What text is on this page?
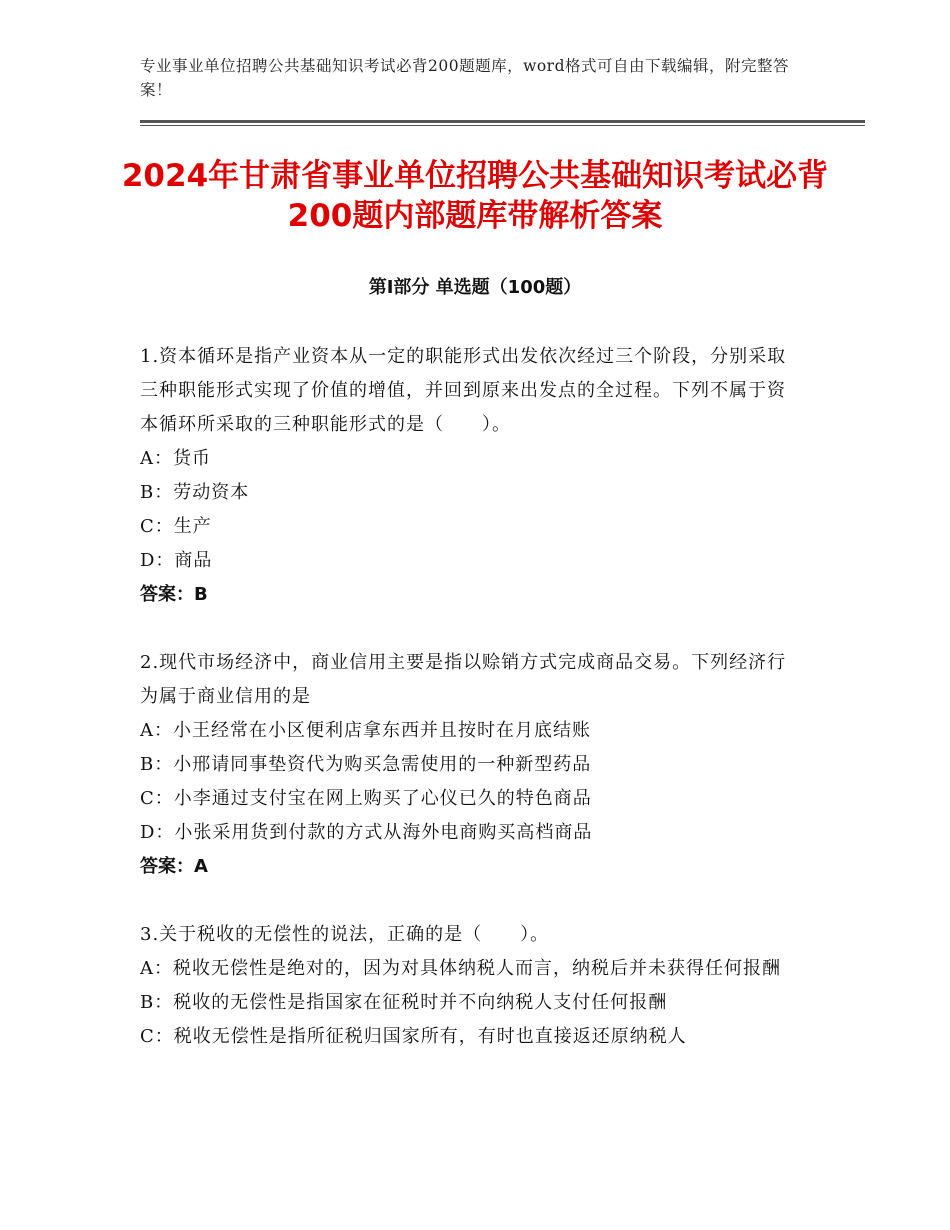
专业事业单位招聘公共基础知识考试必背200题题库，word格式可自由下载编辑，附完整答案！
2024年甘肃省事业单位招聘公共基础知识考试必背200题内部题库带解析答案
第Ⅰ部分 单选题（100题）

1.资本循环是指产业资本从一定的职能形式出发依次经过三个阶段，分别采取三种职能形式实现了价值的增值，并回到原来出发点的全过程。下列不属于资本循环所采取的三种职能形式的是（　　）。

A：货币

B：劳动资本

C：生产

D：商品

答案：B

2.现代市场经济中，商业信用主要是指以赊销方式完成商品交易。下列经济行为属于商业信用的是

A：小王经常在小区便利店拿东西并且按时在月底结账

B：小邢请同事垫资代为购买急需使用的一种新型药品

C：小李通过支付宝在网上购买了心仪已久的特色商品

D：小张采用货到付款的方式从海外电商购买高档商品

答案：A

3.关于税收的无偿性的说法，正确的是（　　）。

A：税收无偿性是绝对的，因为对具体纳税人而言，纳税后并未获得任何报酬

B：税收的无偿性是指国家在征税时并不向纳税人支付任何报酬

C：税收无偿性是指所征税归国家所有，有时也直接返还原纳税人
